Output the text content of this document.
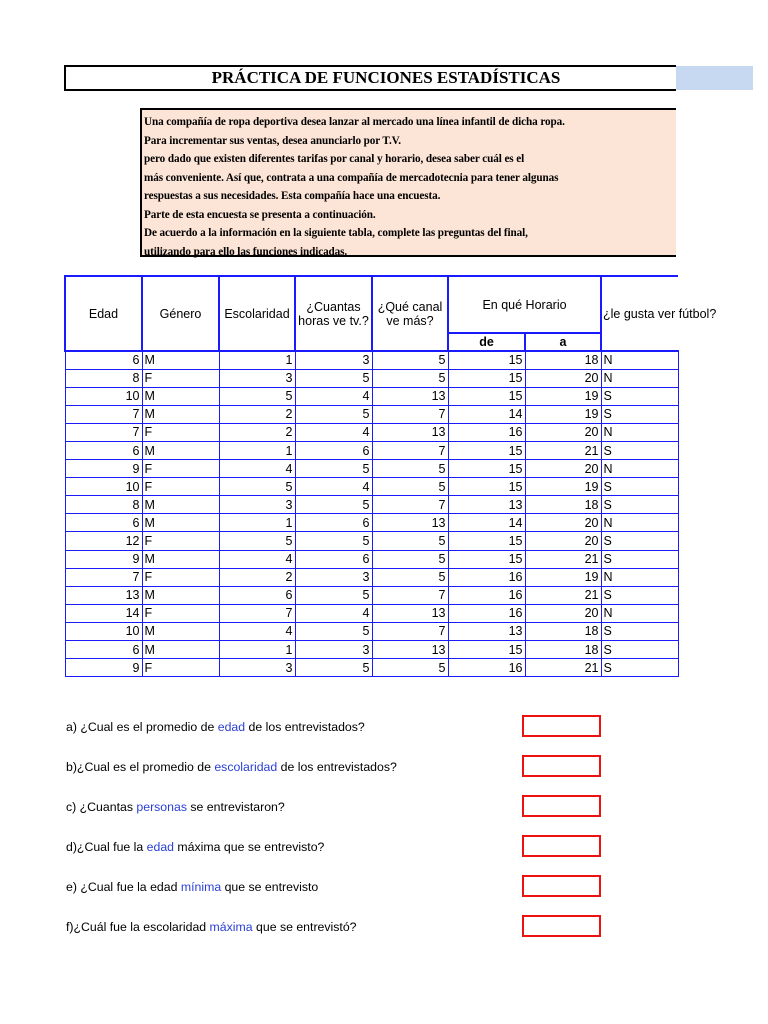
PRÁCTICA DE FUNCIONES ESTADÍSTICAS
Una compañía de ropa deportiva desea lanzar al mercado una línea infantil de dicha ropa.
Para incrementar sus ventas, desea anunciarlo por T.V.
pero dado que existen diferentes tarifas por canal y horario, desea saber cuál es el
más conveniente. Así que, contrata a una compañía de mercadotecnia para tener algunas
respuestas a sus necesidades. Esta compañía hace una encuesta.
Parte de esta encuesta se presenta a continuación.
De acuerdo a la información en la siguiente tabla, complete las preguntas del final,
utilizando para ello las funciones indicadas.
Edad	Género	Escolaridad	¿Cuantas horas ve tv.?	¿Qué canal ve más?	En qué Horario		¿le gusta ver fútbol?
					de	a	
6	M	1	3	5	15	18	N
8	F	3	5	5	15	20	N
10	M	5	4	13	15	19	S
7	M	2	5	7	14	19	S
7	F	2	4	13	16	20	N
6	M	1	6	7	15	21	S
9	F	4	5	5	15	20	N
10	F	5	4	5	15	19	S
8	M	3	5	7	13	18	S
6	M	1	6	13	14	20	N
12	F	5	5	5	15	20	S
9	M	4	6	5	15	21	S
7	F	2	3	5	16	19	N
13	M	6	5	7	16	21	S
14	F	7	4	13	16	20	N
10	M	4	5	7	13	18	S
6	M	1	3	13	15	18	S
9	F	3	5	5	16	21	S
a) ¿Cual es el promedio de edad de los entrevistados?
b)¿Cual es el promedio de escolaridad de los entrevistados?
c) ¿Cuantas personas se entrevistaron?
d)¿Cual fue la edad máxima que se entrevisto?
e) ¿Cual fue la edad mínima que se entrevisto
f)¿Cuál fue la escolaridad máxima que se entrevistó?
